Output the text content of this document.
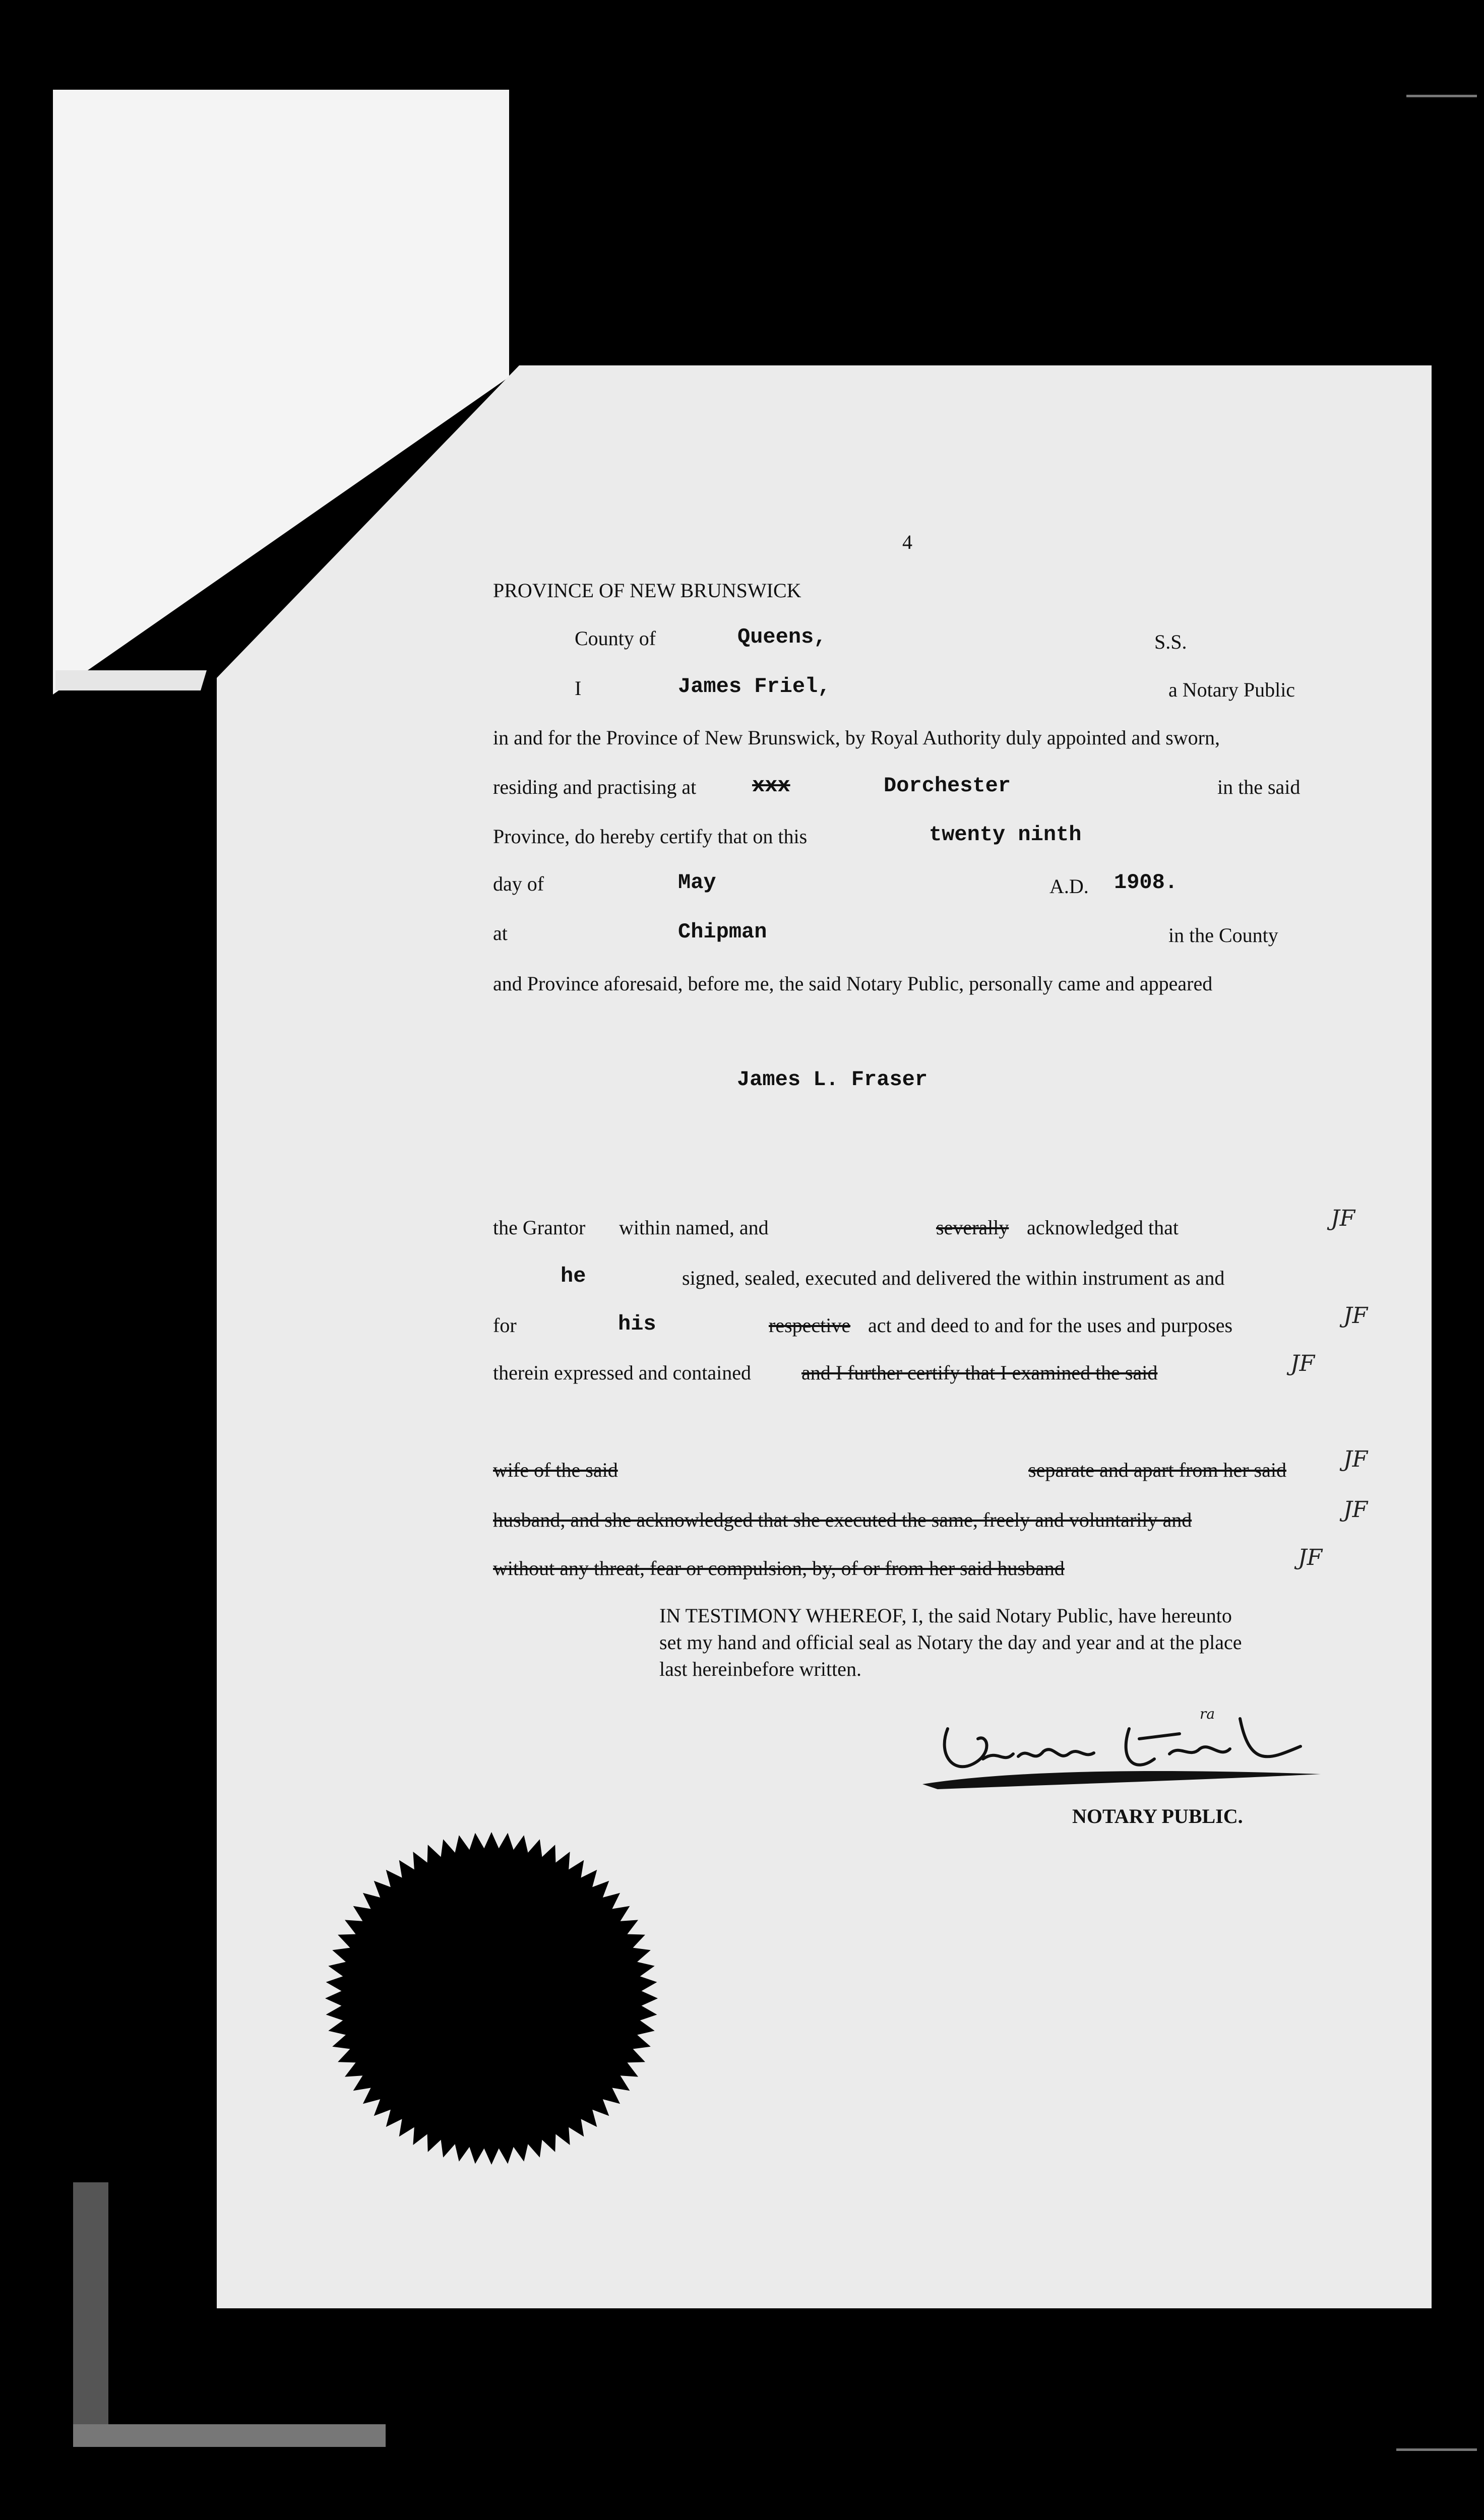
4
PROVINCE OF NEW BRUNSWICK
County of	Queens,	S.S.
I	James Friel,	a Notary Public
in and for the Province of New Brunswick, by Royal Authority duly appointed and sworn,
residing and practising at	xxx	Dorchester	in the said
Province, do hereby certify that on this	twenty ninth
day of	May	A.D. 1908.
at	Chipman	in the County
and Province aforesaid, before me, the said Notary Public, personally came and appeared
James L. Fraser
the Grantor within named, and	severally acknowledged that	JF
he	signed, sealed, executed and delivered the within instrument as and
for	his	respective act and deed to and for the uses and purposes	JF
therein expressed and contained and I further certify that I examined the said	JF
wife of the said	separate and apart from her said	JF
husband, and she acknowledged that she executed the same, freely and voluntarily and	JF
without any threat, fear or compulsion, by, of or from her said husband	JF
IN TESTIMONY WHEREOF, I, the said Notary Public, have hereunto
set my hand and official seal as Notary the day and year and at the place
last hereinbefore written.
ra
NOTARY PUBLIC.
